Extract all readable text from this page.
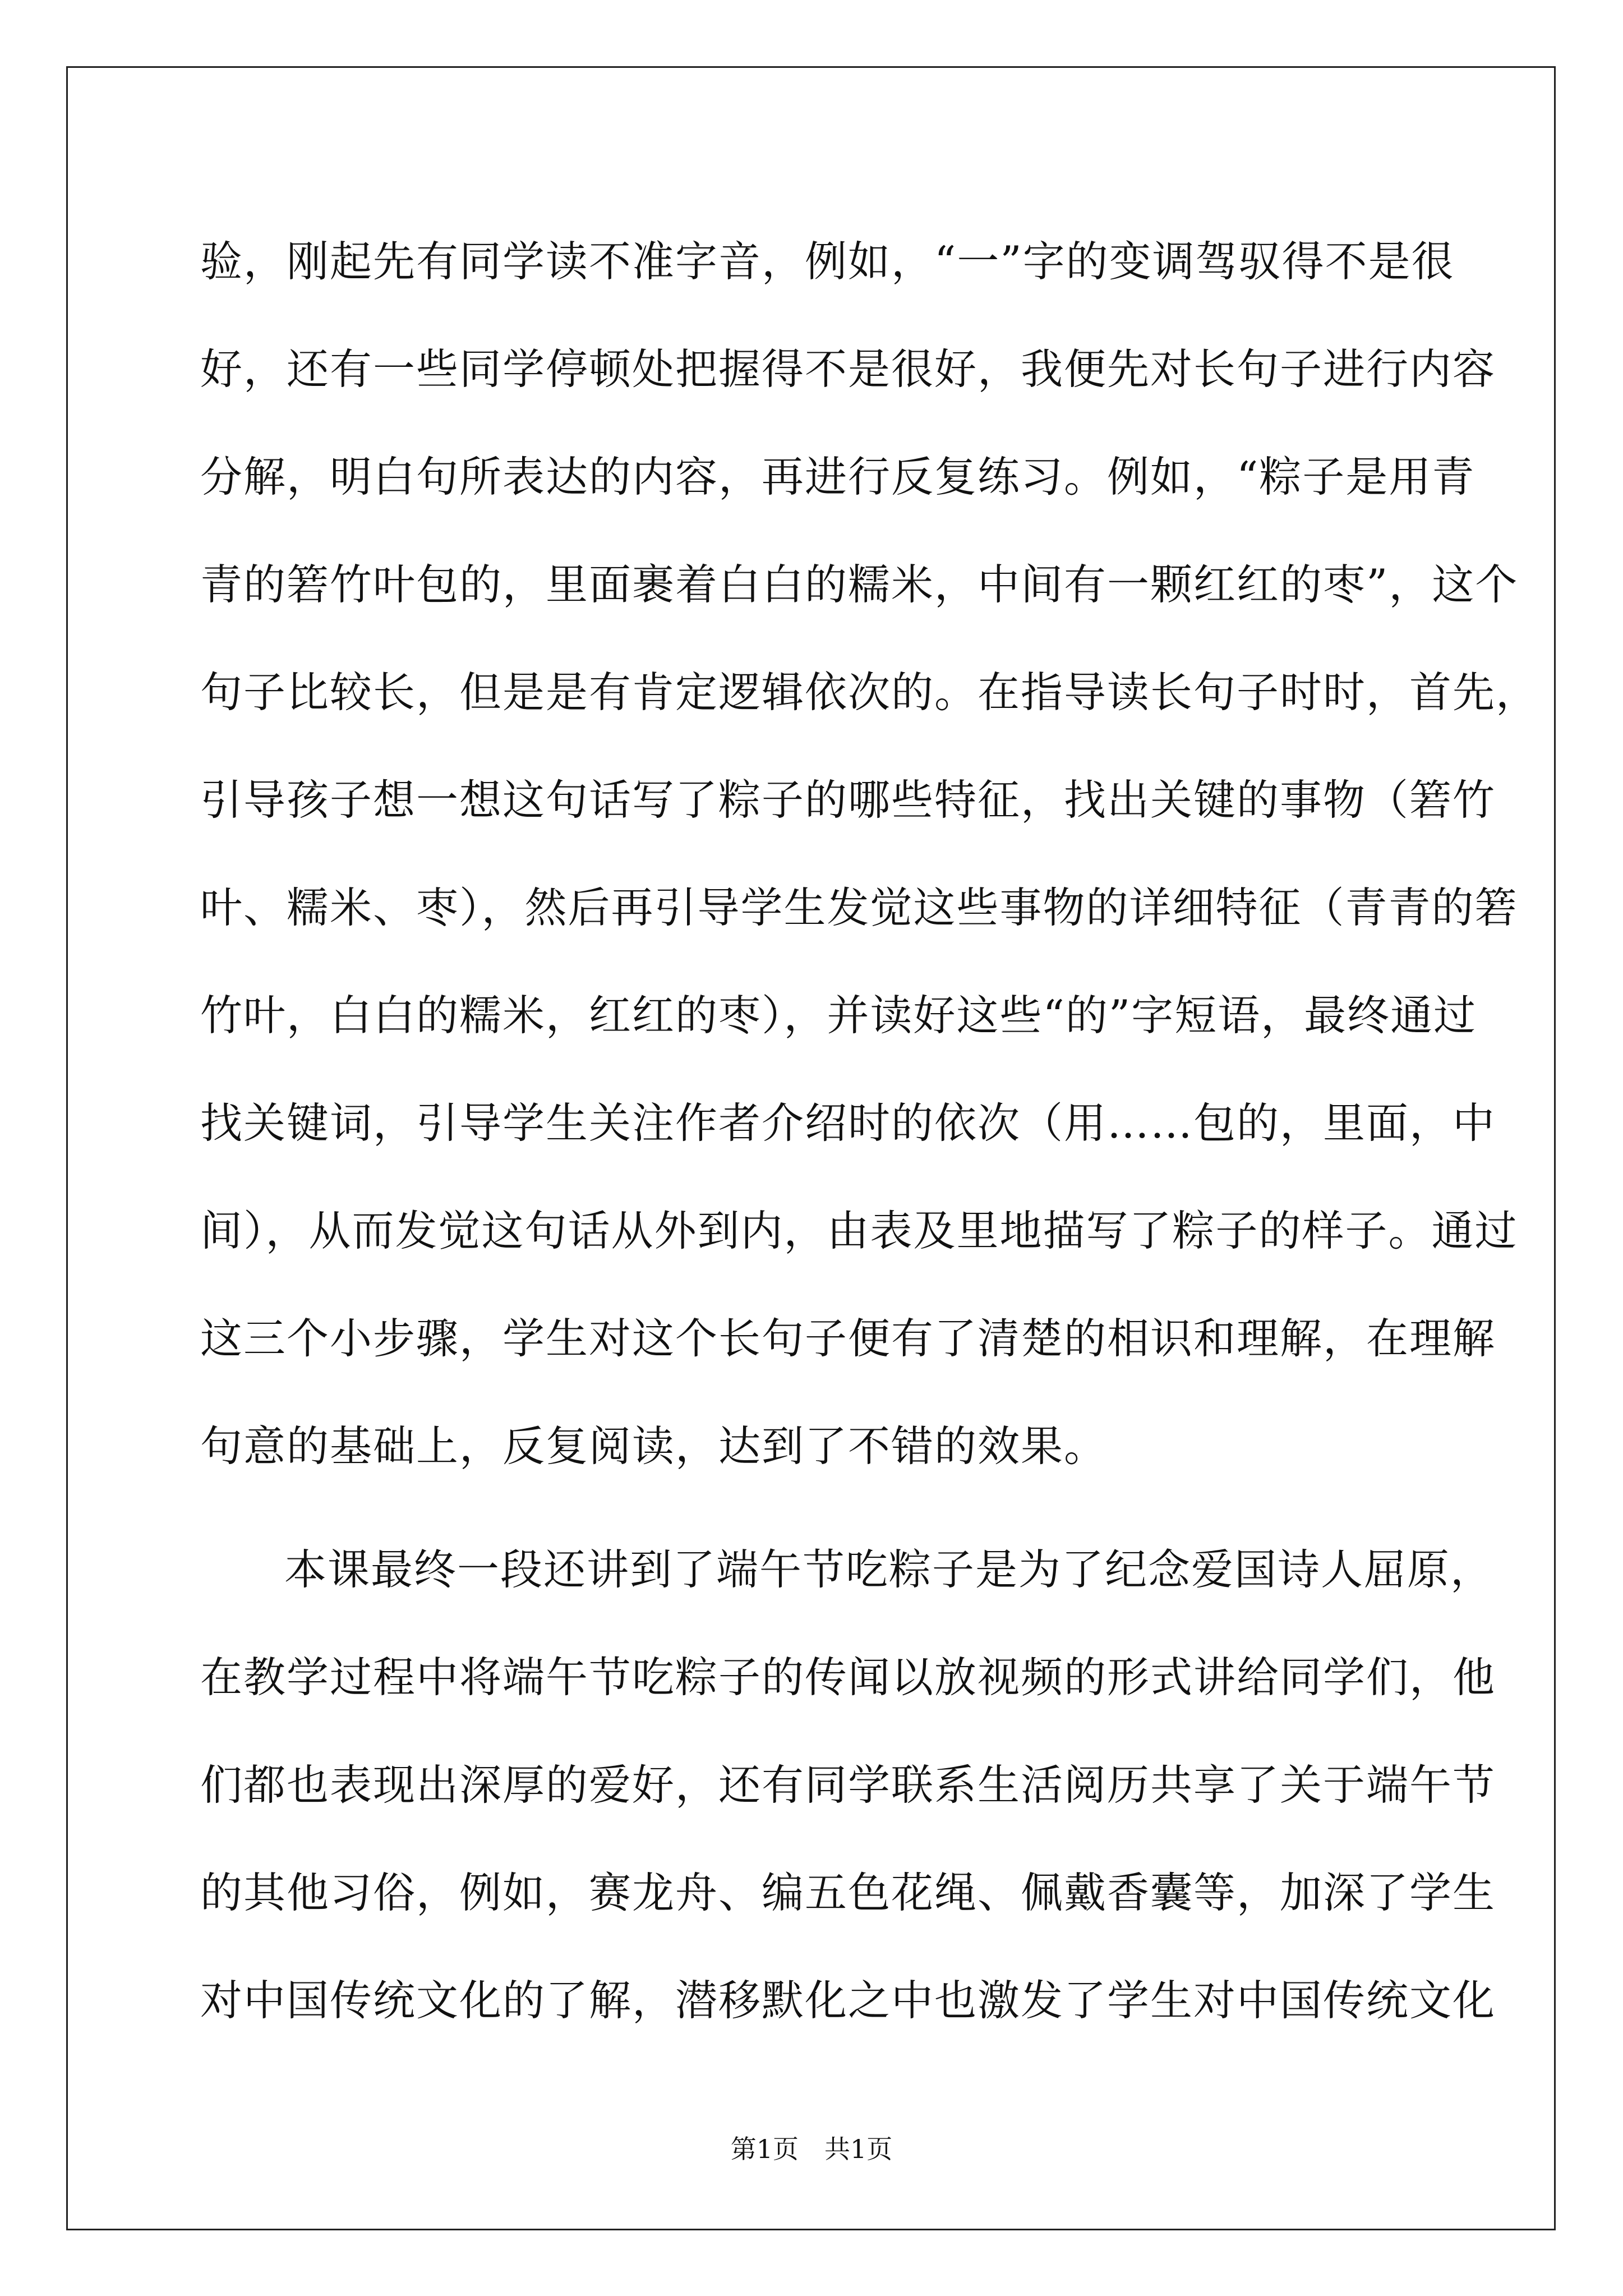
验，刚起先有同学读不准字音，例如，“一”字的变调驾驭得不是很
好，还有一些同学停顿处把握得不是很好，我便先对长句子进行内容
分解，明白句所表达的内容，再进行反复练习。例如，“粽子是用青
青的箬竹叶包的，里面裹着白白的糯米，中间有一颗红红的枣”，这个
句子比较长，但是是有肯定逻辑依次的。在指导读长句子时时，首先，
引导孩子想一想这句话写了粽子的哪些特征，找出关键的事物（箬竹
叶、糯米、枣），然后再引导学生发觉这些事物的详细特征（青青的箬
竹叶，白白的糯米，红红的枣），并读好这些“的”字短语，最终通过
找关键词，引导学生关注作者介绍时的依次（用……包的，里面，中
间），从而发觉这句话从外到内，由表及里地描写了粽子的样子。通过
这三个小步骤，学生对这个长句子便有了清楚的相识和理解，在理解
句意的基础上，反复阅读，达到了不错的效果。
本课最终一段还讲到了端午节吃粽子是为了纪念爱国诗人屈原，
在教学过程中将端午节吃粽子的传闻以放视频的形式讲给同学们，他
们都也表现出深厚的爱好，还有同学联系生活阅历共享了关于端午节
的其他习俗，例如，赛龙舟、编五色花绳、佩戴香囊等，加深了学生
对中国传统文化的了解，潜移默化之中也激发了学生对中国传统文化
第1页　共1页
